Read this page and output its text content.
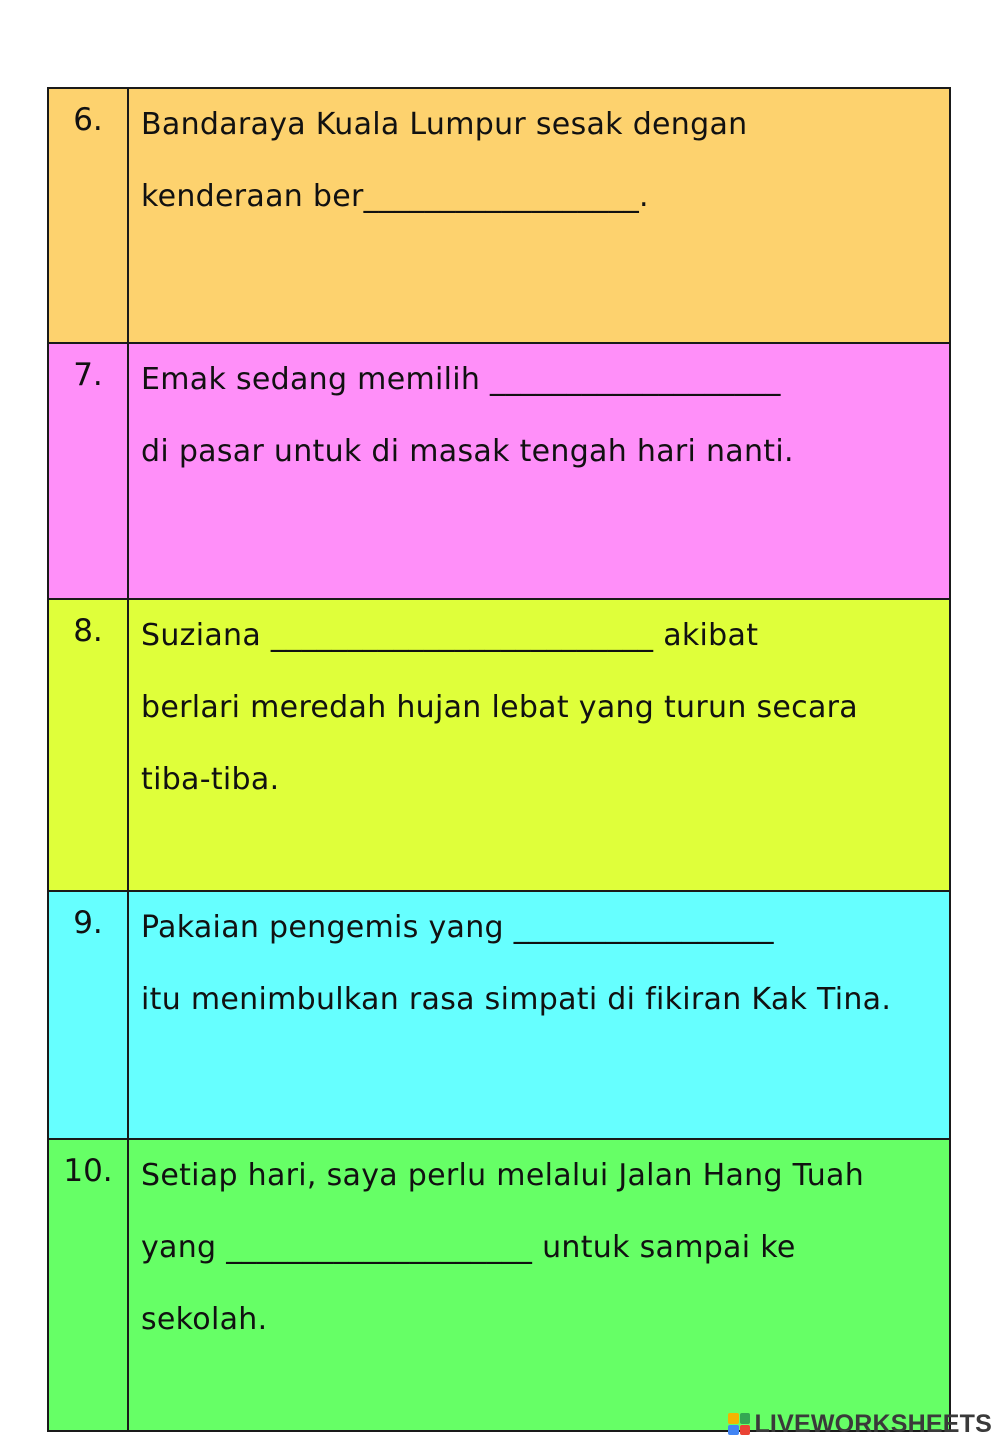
6.	Bandaraya Kuala Lumpur sesak dengan
kenderaan ber__________________.

7.	Emak sedang memilih ___________________
di pasar untuk di masak tengah hari nanti.

8.	Suziana _________________________ akibat
berlari meredah hujan lebat yang turun secara
tiba-tiba.

9.	Pakaian pengemis yang _________________
itu menimbulkan rasa simpati di fikiran Kak Tina.

10.	Setiap hari, saya perlu melalui Jalan Hang Tuah
yang ____________________ untuk sampai ke
sekolah.
LIVEWORKSHEETS
